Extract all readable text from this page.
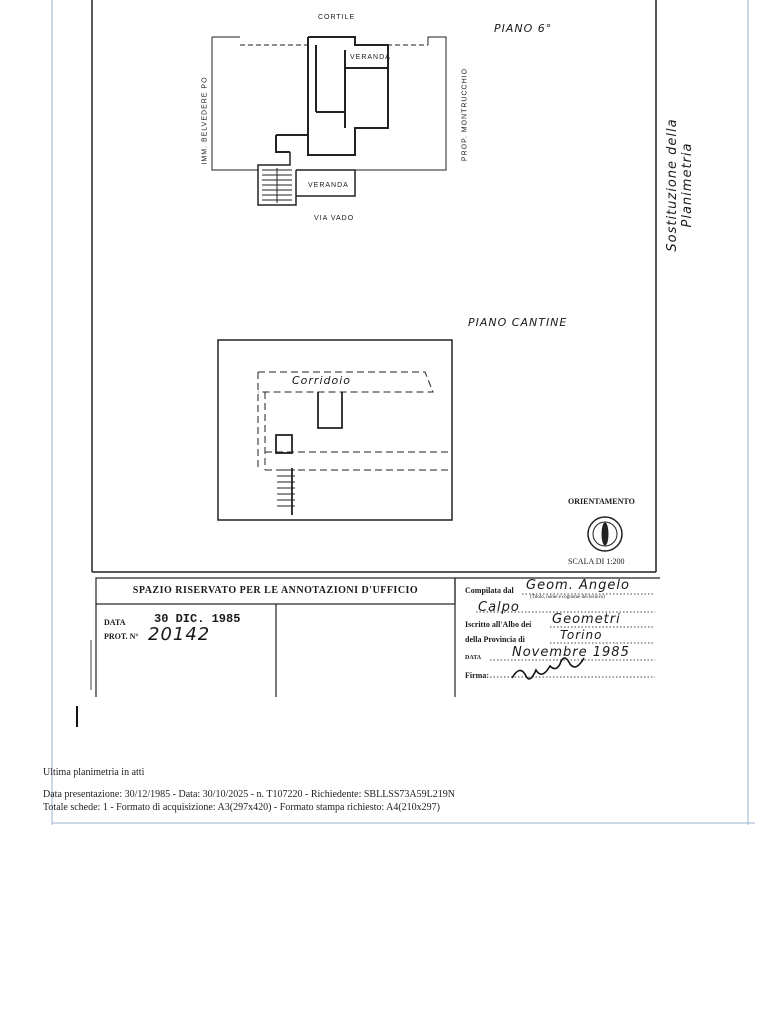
PIANO 6°
CORTILE
VERANDA
VERANDA
VIA VADO
IMM. BELVEDERE PO	PROP. MONTRUCCHIO
Sostituzione della Planimetria
PIANO CANTINE
Corridoio
ORIENTAMENTO
SCALA DI 1:200
SPAZIO RISERVATO PER LE ANNOTAZIONI D'UFFICIO
DATA 30 DIC. 1985
PROT. N° 20142
Compilata dal Geom. Angelo
(Titolo, nome e cognome del tecnico)
Calpo
Iscritto all'Albo dei Geometri
della Provincia di	Torino
DATA Novembre 1985
Firma:
Ultima planimetria in atti
Data presentazione: 30/12/1985 - Data: 30/10/2025 - n. T107220 - Richiedente: SBLLSS73A59L219N
Totale schede: 1 - Formato di acquisizione: A3(297x420) - Formato stampa richiesto: A4(210x297)
